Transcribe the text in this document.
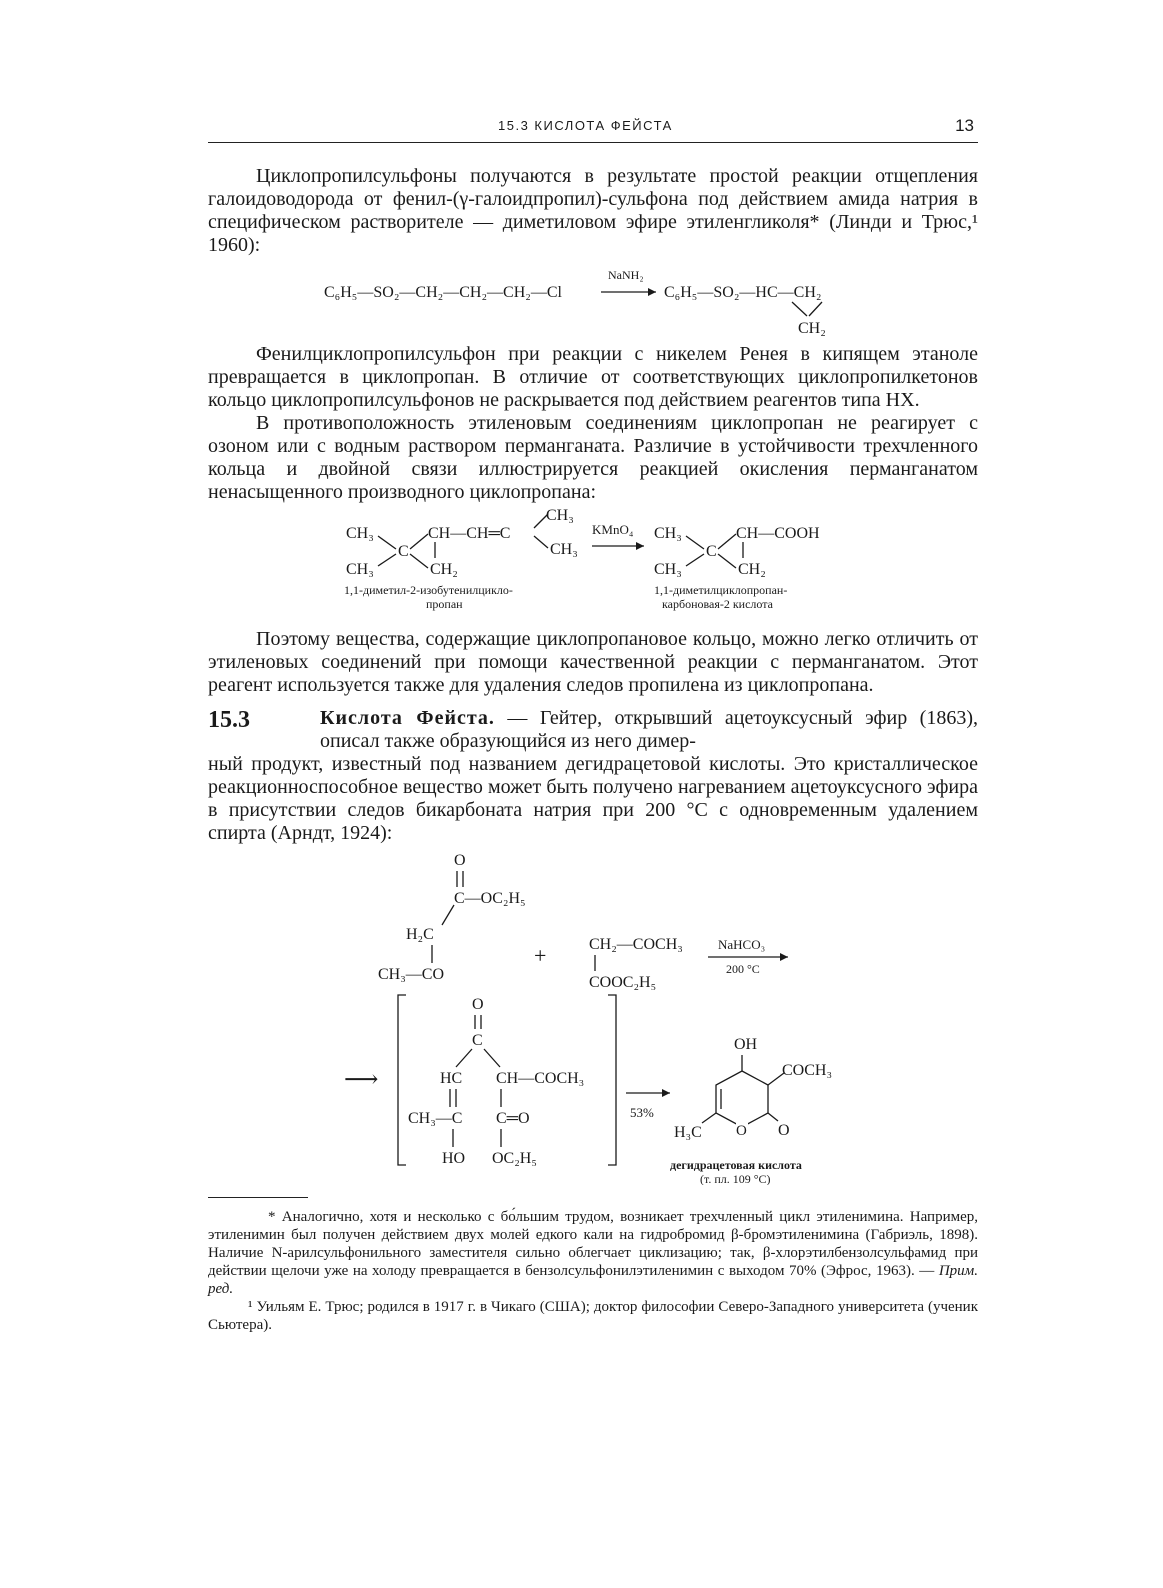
15.3 КИСЛОТА ФЕЙСТА	13

Циклопропилсульфоны получаются в результате простой реакции отщепления галоидоводорода от фенил-(γ-галоидпропил)-сульфона под действием амида натрия в специфическом растворителе — диметиловом эфире этиленгликоля* (Линди и Трюс,¹ 1960):

C₆H₅—SO₂—CH₂—CH₂—CH₂—Cl
NaNH₂
C₆H₅—SO₂—HC—CH₂
CH₂

Фенилциклопропилсульфон при реакции с никелем Ренея в кипящем этаноле превращается в циклопропан. В отличие от соответствующих циклопропилкетонов кольцо циклопропилсульфонов не раскрывается под действием реагентов типа HX.

В противоположность этиленовым соединениям циклопропан не реагирует с озоном или с водным раствором перманганата. Различие в устойчивости трехчленного кольца и двойной связи иллюстрируется реакцией окисления перманганатом ненасыщенного производного циклопропана:

CH₃
CH₃
C
CH—CH═C
CH₂
CH₃
CH₃
KMnO₄ CH₃
CH₃
C
CH—COOH
CH₂
1,1-диметил-2-изобутенилцикло-
пропан
1,1-диметилциклопропан-
карбоновая-2 кислота

Поэтому вещества, содержащие циклопропановое кольцо, можно легко отличить от этиленовых соединений при помощи качественной реакции с перманганатом. Этот реагент используется также для удаления следов пропилена из циклопропана.

15.3	Кислота Фейста. — Гейтер, открывший ацетоуксусный эфир (1863), описал также образующийся из него димер-

ный продукт, известный под названием дегидрацетовой кислоты. Это кристаллическое реакционноспособное вещество может быть получено нагреванием ацетоуксусного эфира в присутствии следов бикарбоната натрия при 200 °С с одновременным удалением спирта (Арндт, 1924):

O
C—OC₂H₅
H₂C
CH₃—CO
+	CH₂—COCH₃
COOC₂H₅
NaHCO₃
200 °С
⟶
O
C
HC CH—COCH₃
CH₃—C C═O
HO OC₂H₅
53%
OH
COCH₃
O
H₃C O
дегидрацетовая кислота
(т. пл. 109 °С)

* Аналогично, хотя и несколько с бо́льшим трудом, возникает трехчленный цикл этиленимина. Например, этиленимин был получен действием двух молей едкого кали на гидробромид β-бромэтиленимина (Габриэль, 1898). Наличие N-арилсульфонильного заместителя сильно облегчает циклизацию; так, β-хлорэтилбензолсульфамид при действии щелочи уже на холоду превращается в бензолсульфонилэтиленимин с выходом 70% (Эфрос, 1963). — Прим. ред.

¹ Уильям Е. Трюс; родился в 1917 г. в Чикаго (США); доктор философии Северо-Западного университета (ученик Сьютера).
